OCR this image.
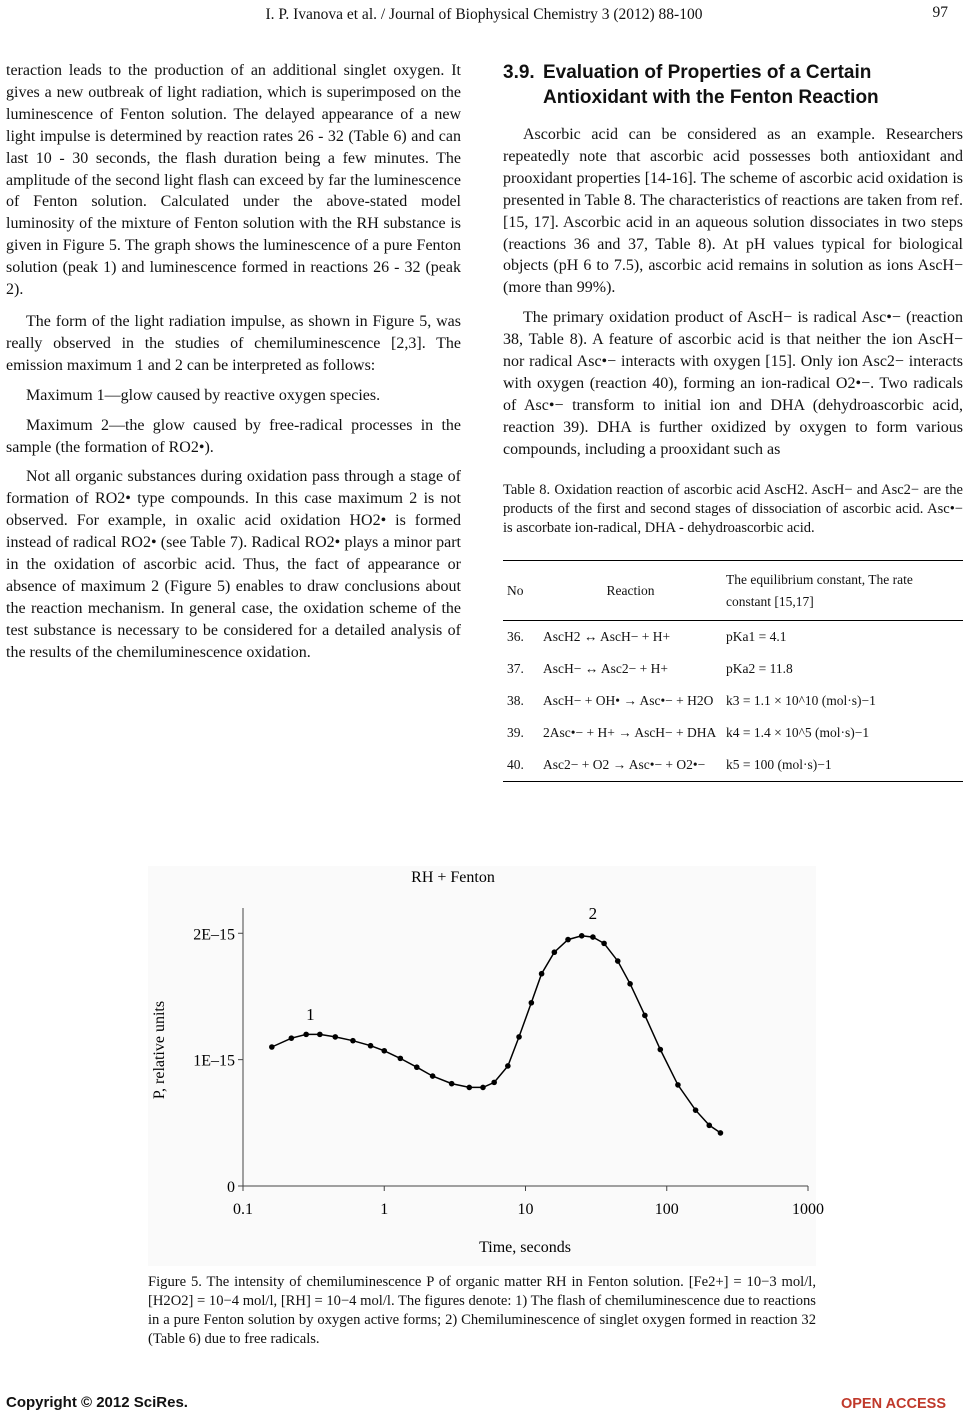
I. P. Ivanova et al. / Journal of Biophysical Chemistry 3 (2012) 88-100	97

teraction leads to the production of an additional singlet oxygen. It gives a new outbreak of light radiation, which is superimposed on the luminescence of Fenton solution. The delayed appearance of a new light impulse is determined by reaction rates 26 - 32 (Table 6) and can last 10 - 30 seconds, the flash duration being a few minutes. The amplitude of the second light flash can exceed by far the luminescence of Fenton solution. Calculated under the above-stated model luminosity of the mixture of Fenton solution with the RH substance is given in Figure 5. The graph shows the luminescence of a pure Fenton solution (peak 1) and luminescence formed in reactions 26 - 32 (peak 2).

The form of the light radiation impulse, as shown in Figure 5, was really observed in the studies of chemiluminescence [2,3]. The emission maximum 1 and 2 can be interpreted as follows:

Maximum 1—glow caused by reactive oxygen species.

Maximum 2—the glow caused by free-radical processes in the sample (the formation of RO2•).

Not all organic substances during oxidation pass through a stage of formation of RO2• type compounds. In this case maximum 2 is not observed. For example, in oxalic acid oxidation HO2• is formed instead of radical RO2• (see Table 7). Radical RO2• plays a minor part in the oxidation of ascorbic acid. Thus, the fact of appearance or absence of maximum 2 (Figure 5) enables to draw conclusions about the reaction mechanism. In general case, the oxidation scheme of the test substance is necessary to be considered for a detailed analysis of the results of the chemiluminescence oxidation.

3.9. Evaluation of Properties of a Certain
Antioxidant with the Fenton Reaction

Ascorbic acid can be considered as an example. Researchers repeatedly note that ascorbic acid possesses both antioxidant and prooxidant properties [14-16]. The scheme of ascorbic acid oxidation is presented in Table 8. The characteristics of reactions are taken from ref. [15, 17]. Ascorbic acid in an aqueous solution dissociates in two steps (reactions 36 and 37, Table 8). At pH values typical for biological objects (pH 6 to 7.5), ascorbic acid remains in solution as ions AscH− (more than 99%).

The primary oxidation product of AscH− is radical Asc•− (reaction 38, Table 8). A feature of ascorbic acid is that neither the ion AscH− nor radical Asc•− interacts with oxygen [15]. Only ion Asc2− interacts with oxygen (reaction 40), forming an ion-radical O2•−. Two radicals of Asc•− transform to initial ion and DHA (dehydroascorbic acid, reaction 39). DHA is further oxidized by oxygen to form various compounds, including a prooxidant such as

Table 8. Oxidation reaction of ascorbic acid AscH2. AscH− and Asc2− are the products of the first and second stages of dissociation of ascorbic acid. Asc•− is ascorbate ion-radical, DHA - dehydroascorbic acid.

No	Reaction	The equilibrium constant, The rate constant [15,17]
36.	AscH2 ↔ AscH− + H+	pKa1 = 4.1
37.	AscH− ↔ Asc2− + H+	pKa2 = 11.8
38.	AscH− + OH• → Asc•− + H2O	k3 = 1.1 × 10^10 (mol·s)−1
39.	2Asc•− + H+ → AscH− + DHA	k4 = 1.4 × 10^5 (mol·s)−1
40.	Asc2− + O2 → Asc•− + O2•−	k5 = 100 (mol·s)−1
RH + Fenton
0
1E–15
2E–15
0.1	1	10	100	1000
P, relative units
Time, seconds
1
2
Figure 5. The intensity of chemiluminescence P of organic matter RH in Fenton solution. [Fe2+] = 10−3 mol/l, [H2O2] = 10−4 mol/l, [RH] = 10−4 mol/l. The figures denote: 1) The flash of chemiluminescence due to reactions in a pure Fenton solution by oxygen active forms; 2) Chemiluminescence of singlet oxygen formed in reaction 32 (Table 6) due to free radicals.
Copyright © 2012 SciRes.	OPEN ACCESS
